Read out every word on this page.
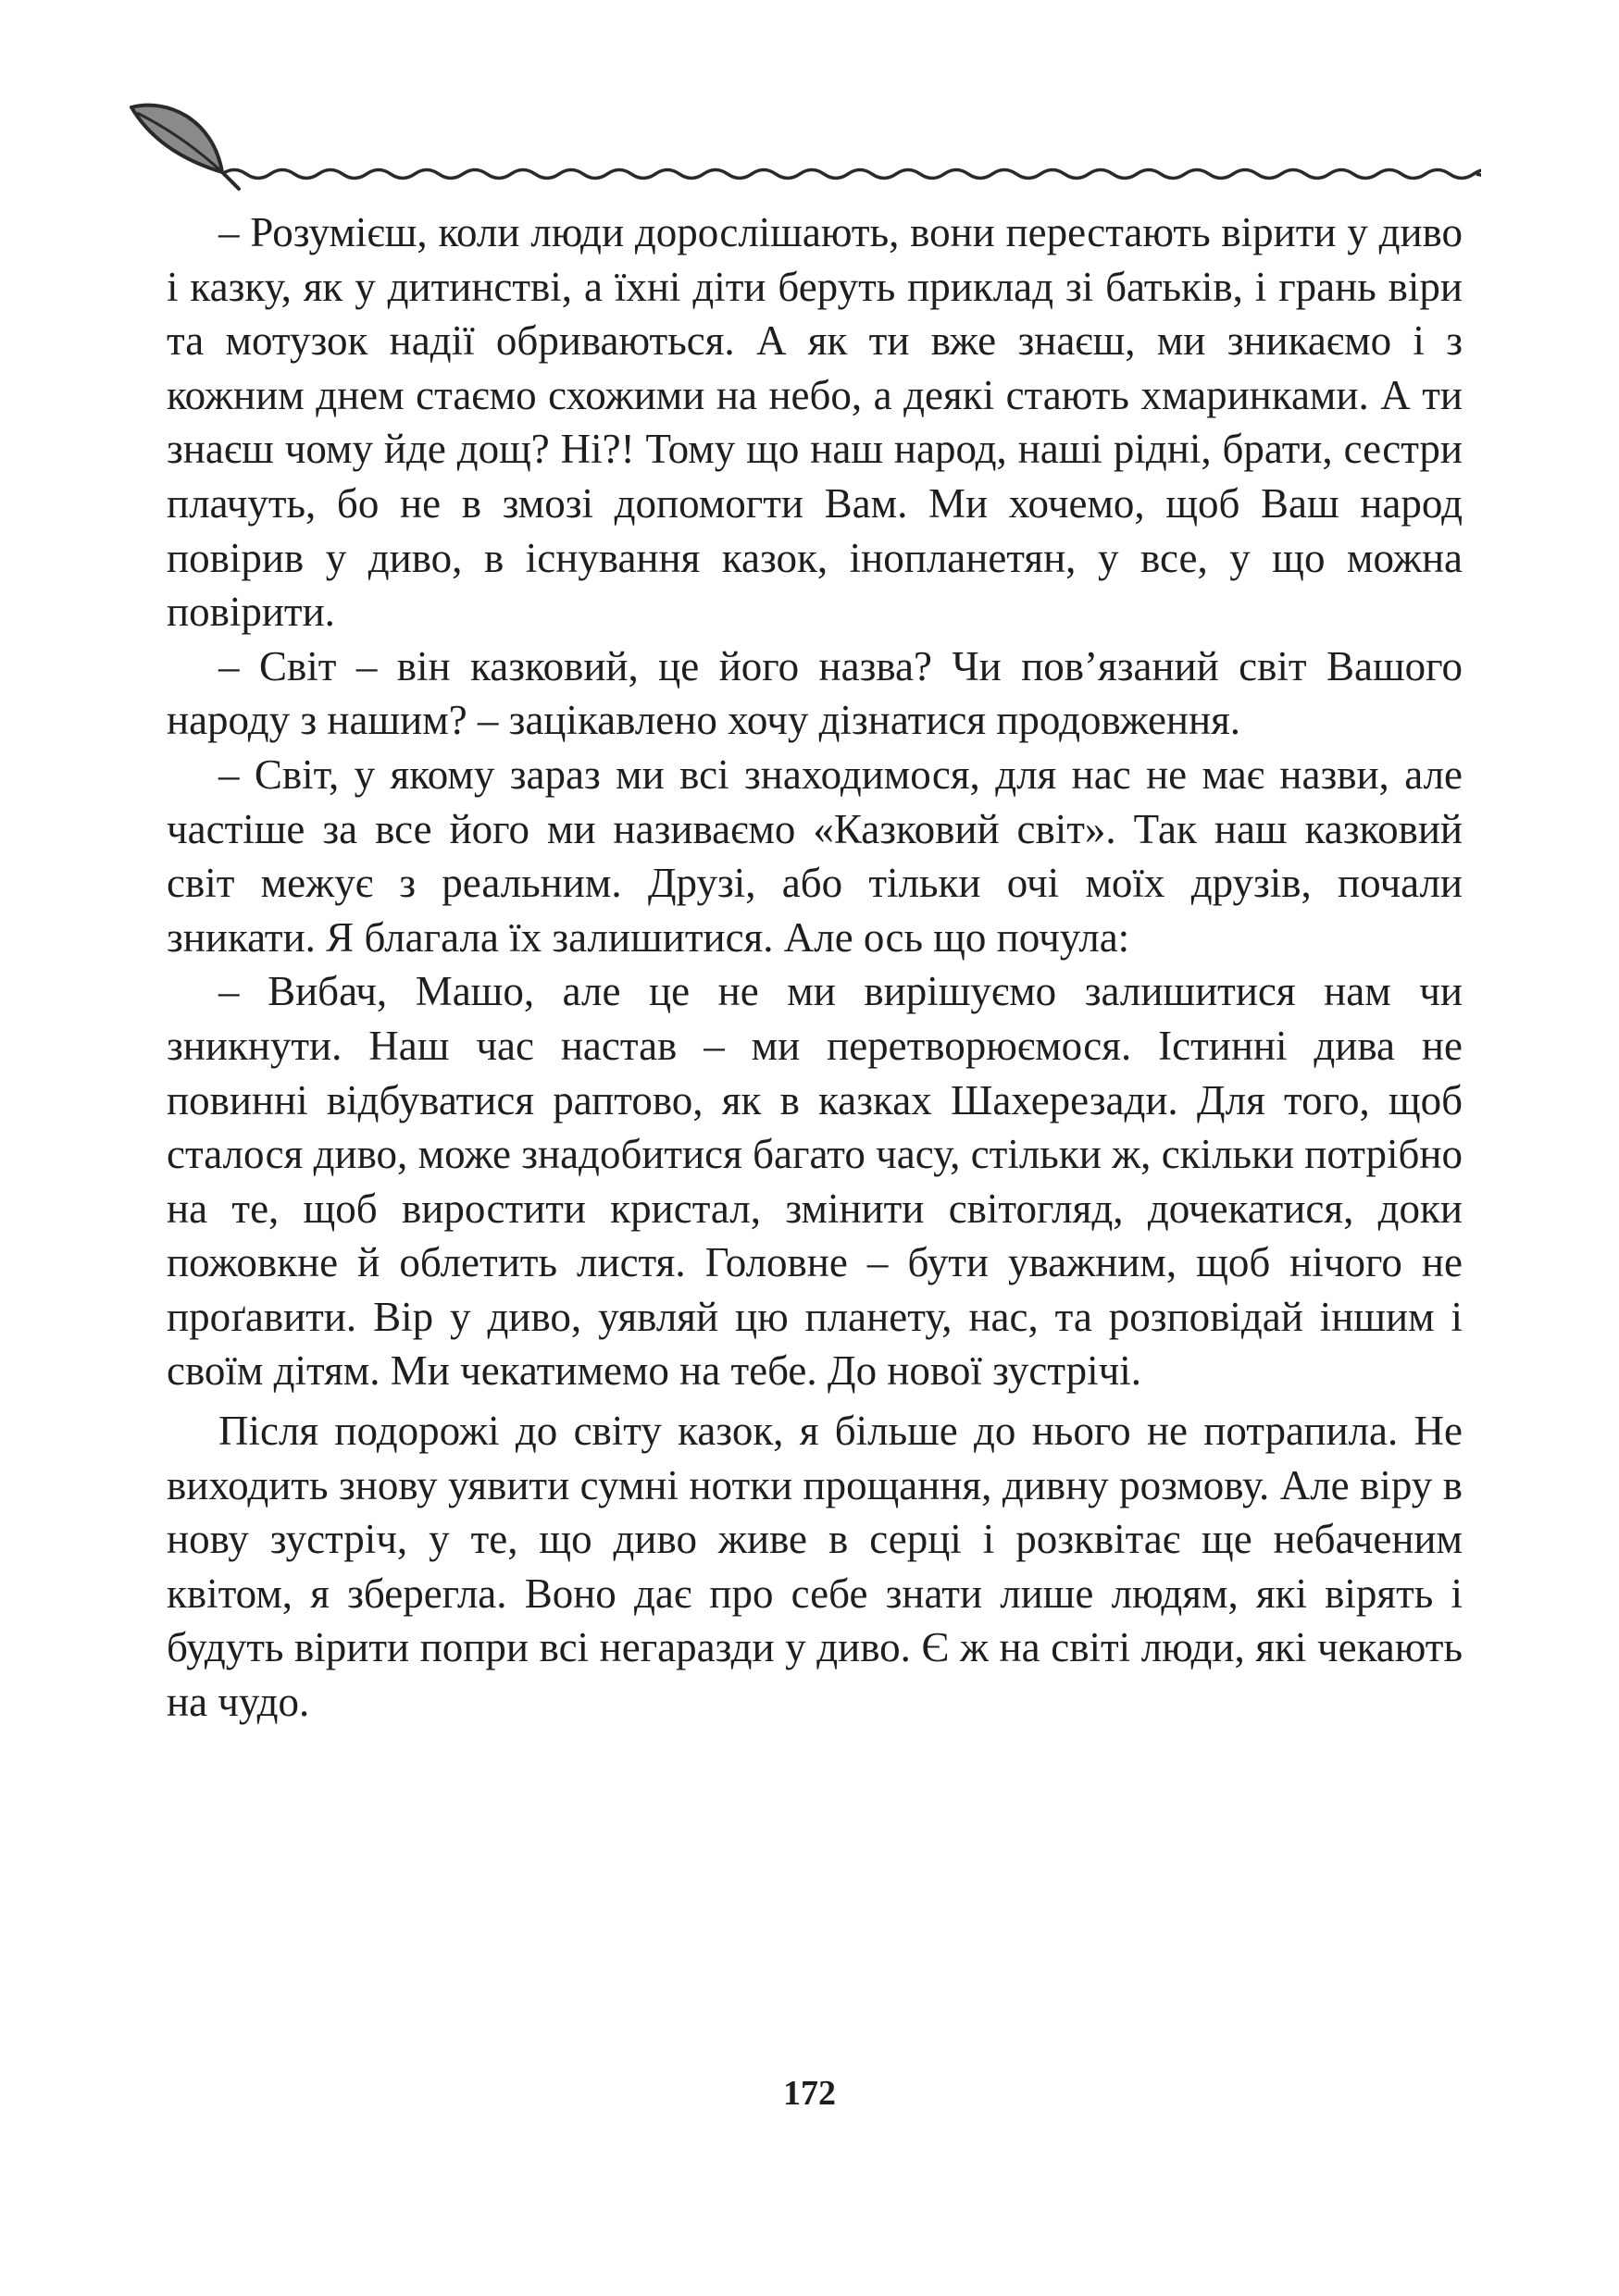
– Розумієш, коли люди дорослішають, вони перестають вірити у диво і казку, як у дитинстві, а їхні діти беруть приклад зі батьків, і грань віри та мотузок надії обриваються. А як ти вже знаєш, ми зникаємо і з кожним днем стаємо схожими на небо, а деякі стають хмаринками. А ти знаєш чому йде дощ? Ні?! Тому що наш народ, наші рідні, брати, сестри плачуть, бо не в змозі допомогти Вам. Ми хочемо, щоб Ваш народ повірив у диво, в існування казок, інопланетян, у все, у що можна повірити.

– Світ – він казковий, це його назва? Чи пов’язаний світ Вашого народу з нашим? – зацікавлено хочу дізнатися продовження.

– Світ, у якому зараз ми всі знаходимося, для нас не має назви, але частіше за все його ми називаємо «Казковий світ». Так наш казковий світ межує з реальним. Друзі, або тільки очі моїх друзів, почали зникати. Я благала їх залишитися. Але ось що почула:

– Вибач, Машо, але це не ми вирішуємо залишитися нам чи зникнути. Наш час настав – ми перетворюємося. Істинні дива не повинні відбуватися раптово, як в казках Шахерезади. Для того, щоб сталося диво, може знадобитися багато часу, стільки ж, скільки потрібно на те, щоб виростити кристал, змінити світогляд, дочекатися, доки пожовкне й облетить листя. Головне – бути уважним, щоб нічого не проґавити. Вір у диво, уявляй цю планету, нас, та розповідай іншим і своїм дітям. Ми чекатимемо на тебе. До нової зустрічі.

Після подорожі до світу казок, я більше до нього не потрапила. Не виходить знову уявити сумні нотки прощання, дивну розмову. Але віру в нову зустріч, у те, що диво живе в серці і розквітає ще небаченим квітом, я зберегла. Воно дає про себе знати лише людям, які вірять і будуть вірити попри всі негаразди у диво. Є ж на світі люди, які чекають на чудо.

172
